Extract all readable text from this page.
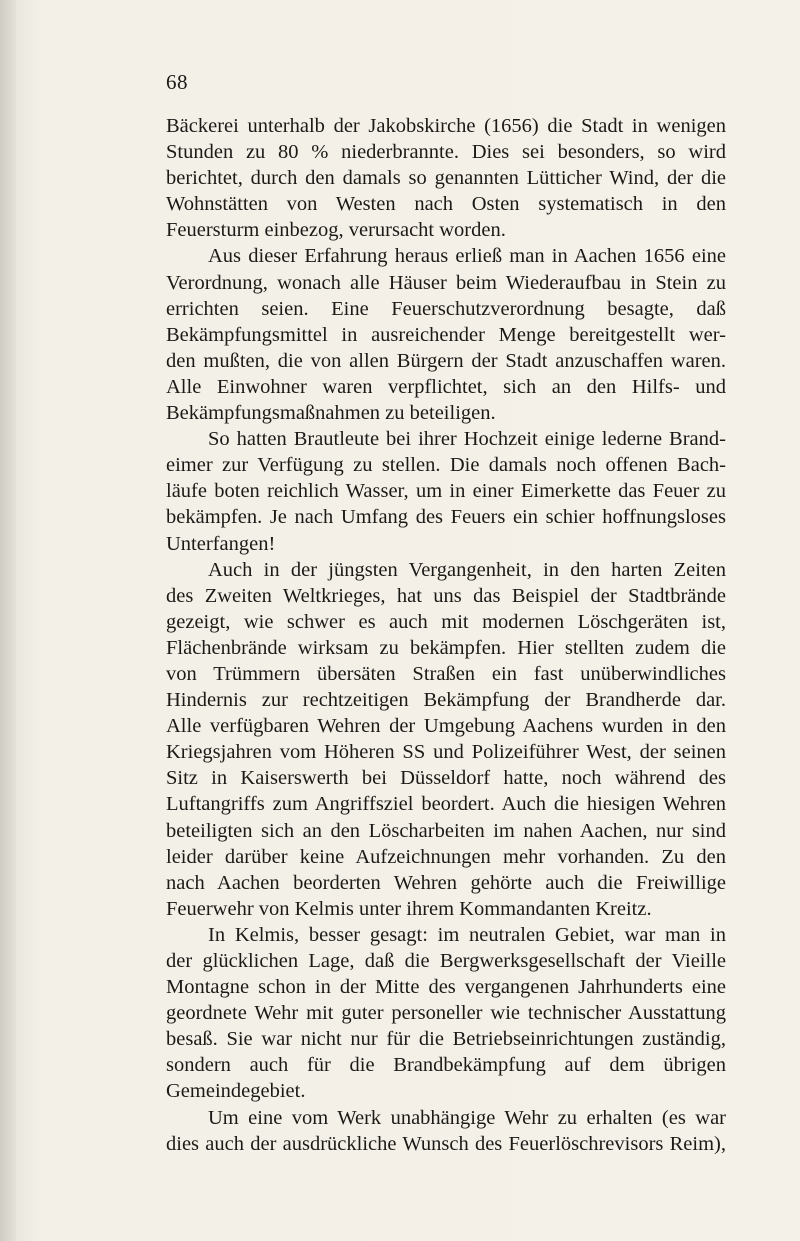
68
Bäckerei unterhalb der Jakobskirche (1656) die Stadt in wenigen
Stunden zu 80 % niederbrannte. Dies sei besonders, so wird
berichtet, durch den damals so genannten Lütticher Wind, der die
Wohnstätten von Westen nach Osten systematisch in den
Feuersturm einbezog, verursacht worden.
Aus dieser Erfahrung heraus erließ man in Aachen 1656 eine
Verordnung, wonach alle Häuser beim Wiederaufbau in Stein zu
errichten seien. Eine Feuerschutzverordnung besagte, daß
Bekämpfungsmittel in ausreichender Menge bereitgestellt wer-
den mußten, die von allen Bürgern der Stadt anzuschaffen waren.
Alle Einwohner waren verpflichtet, sich an den Hilfs- und
Bekämpfungsmaßnahmen zu beteiligen.
So hatten Brautleute bei ihrer Hochzeit einige lederne Brand-
eimer zur Verfügung zu stellen. Die damals noch offenen Bach-
läufe boten reichlich Wasser, um in einer Eimerkette das Feuer zu
bekämpfen. Je nach Umfang des Feuers ein schier hoffnungsloses
Unterfangen!
Auch in der jüngsten Vergangenheit, in den harten Zeiten
des Zweiten Weltkrieges, hat uns das Beispiel der Stadtbrände
gezeigt, wie schwer es auch mit modernen Löschgeräten ist,
Flächenbrände wirksam zu bekämpfen. Hier stellten zudem die
von Trümmern übersäten Straßen ein fast unüberwindliches
Hindernis zur rechtzeitigen Bekämpfung der Brandherde dar.
Alle verfügbaren Wehren der Umgebung Aachens wurden in den
Kriegsjahren vom Höheren SS und Polizeiführer West, der seinen
Sitz in Kaiserswerth bei Düsseldorf hatte, noch während des
Luftangriffs zum Angriffsziel beordert. Auch die hiesigen Wehren
beteiligten sich an den Löscharbeiten im nahen Aachen, nur sind
leider darüber keine Aufzeichnungen mehr vorhanden. Zu den
nach Aachen beorderten Wehren gehörte auch die Freiwillige
Feuerwehr von Kelmis unter ihrem Kommandanten Kreitz.
In Kelmis, besser gesagt: im neutralen Gebiet, war man in
der glücklichen Lage, daß die Bergwerksgesellschaft der Vieille
Montagne schon in der Mitte des vergangenen Jahrhunderts eine
geordnete Wehr mit guter personeller wie technischer Ausstattung
besaß. Sie war nicht nur für die Betriebseinrichtungen zuständig,
sondern auch für die Brandbekämpfung auf dem übrigen
Gemeindegebiet.
Um eine vom Werk unabhängige Wehr zu erhalten (es war
dies auch der ausdrückliche Wunsch des Feuerlöschrevisors Reim),
